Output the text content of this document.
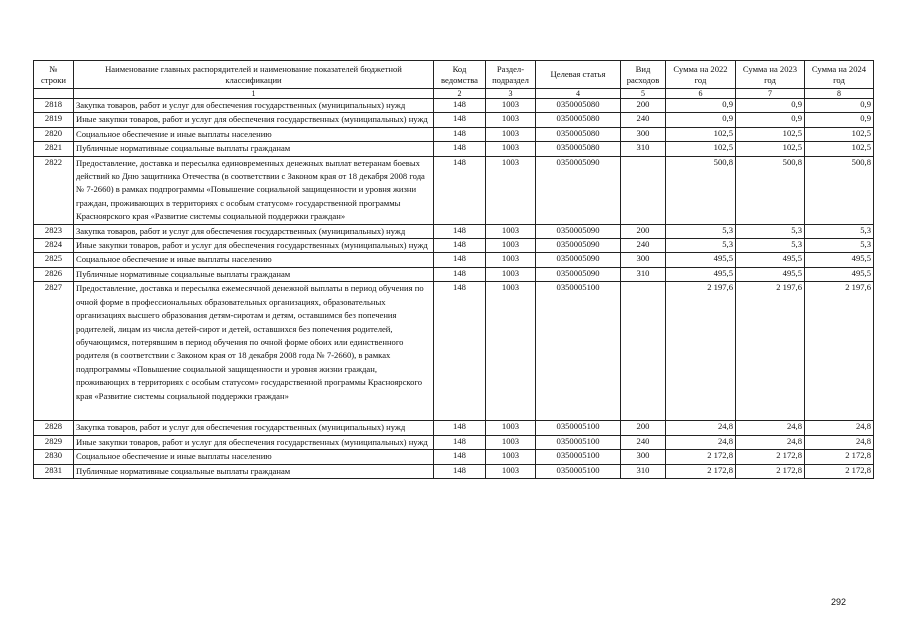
№ строки	Наименование главных распорядителей и наименование показателей бюджетной классификации	Код ведомства	Раздел-подраздел	Целевая статья	Вид расходов	Сумма на 2022 год	Сумма на 2023 год	Сумма на 2024 год
	1	2	3	4	5	6	7	8
2818	Закупка товаров, работ и услуг для обеспечения государственных (муниципальных) нужд	148	1003	0350005080	200	0,9	0,9	0,9
2819	Иные закупки товаров, работ и услуг для обеспечения государственных (муниципальных) нужд	148	1003	0350005080	240	0,9	0,9	0,9
2820	Социальное обеспечение и иные выплаты населению	148	1003	0350005080	300	102,5	102,5	102,5
2821	Публичные нормативные социальные выплаты гражданам	148	1003	0350005080	310	102,5	102,5	102,5
2822	Предоставление, доставка и пересылка единовременных денежных выплат ветеранам боевых действий ко Дню защитника Отечества (в соответствии с Законом края от 18 декабря 2008 года № 7-2660) в рамках подпрограммы «Повышение социальной защищенности и уровня жизни граждан, проживающих в территориях с особым статусом» государственной программы Красноярского края «Развитие системы социальной поддержки граждан»	148	1003	0350005090		500,8	500,8	500,8
2823	Закупка товаров, работ и услуг для обеспечения государственных (муниципальных) нужд	148	1003	0350005090	200	5,3	5,3	5,3
2824	Иные закупки товаров, работ и услуг для обеспечения государственных (муниципальных) нужд	148	1003	0350005090	240	5,3	5,3	5,3
2825	Социальное обеспечение и иные выплаты населению	148	1003	0350005090	300	495,5	495,5	495,5
2826	Публичные нормативные социальные выплаты гражданам	148	1003	0350005090	310	495,5	495,5	495,5
2827	Предоставление, доставка и пересылка ежемесячной денежной выплаты в период обучения по очной форме в профессиональных образовательных организациях, образовательных организациях высшего образования детям-сиротам и детям, оставшимся без попечения родителей, лицам из числа детей-сирот и детей, оставшихся без попечения родителей, обучающимся, потерявшим в период обучения по очной форме обоих или единственного родителя (в соответствии с Законом края от 18 декабря 2008 года № 7-2660), в рамках подпрограммы «Повышение социальной защищенности и уровня жизни граждан, проживающих в территориях с особым статусом» государственной программы Красноярского края «Развитие системы социальной поддержки граждан»	148	1003	0350005100		2 197,6	2 197,6	2 197,6
2828	Закупка товаров, работ и услуг для обеспечения государственных (муниципальных) нужд	148	1003	0350005100	200	24,8	24,8	24,8
2829	Иные закупки товаров, работ и услуг для обеспечения государственных (муниципальных) нужд	148	1003	0350005100	240	24,8	24,8	24,8
2830	Социальное обеспечение и иные выплаты населению	148	1003	0350005100	300	2 172,8	2 172,8	2 172,8
2831	Публичные нормативные социальные выплаты гражданам	148	1003	0350005100	310	2 172,8	2 172,8	2 172,8
292
